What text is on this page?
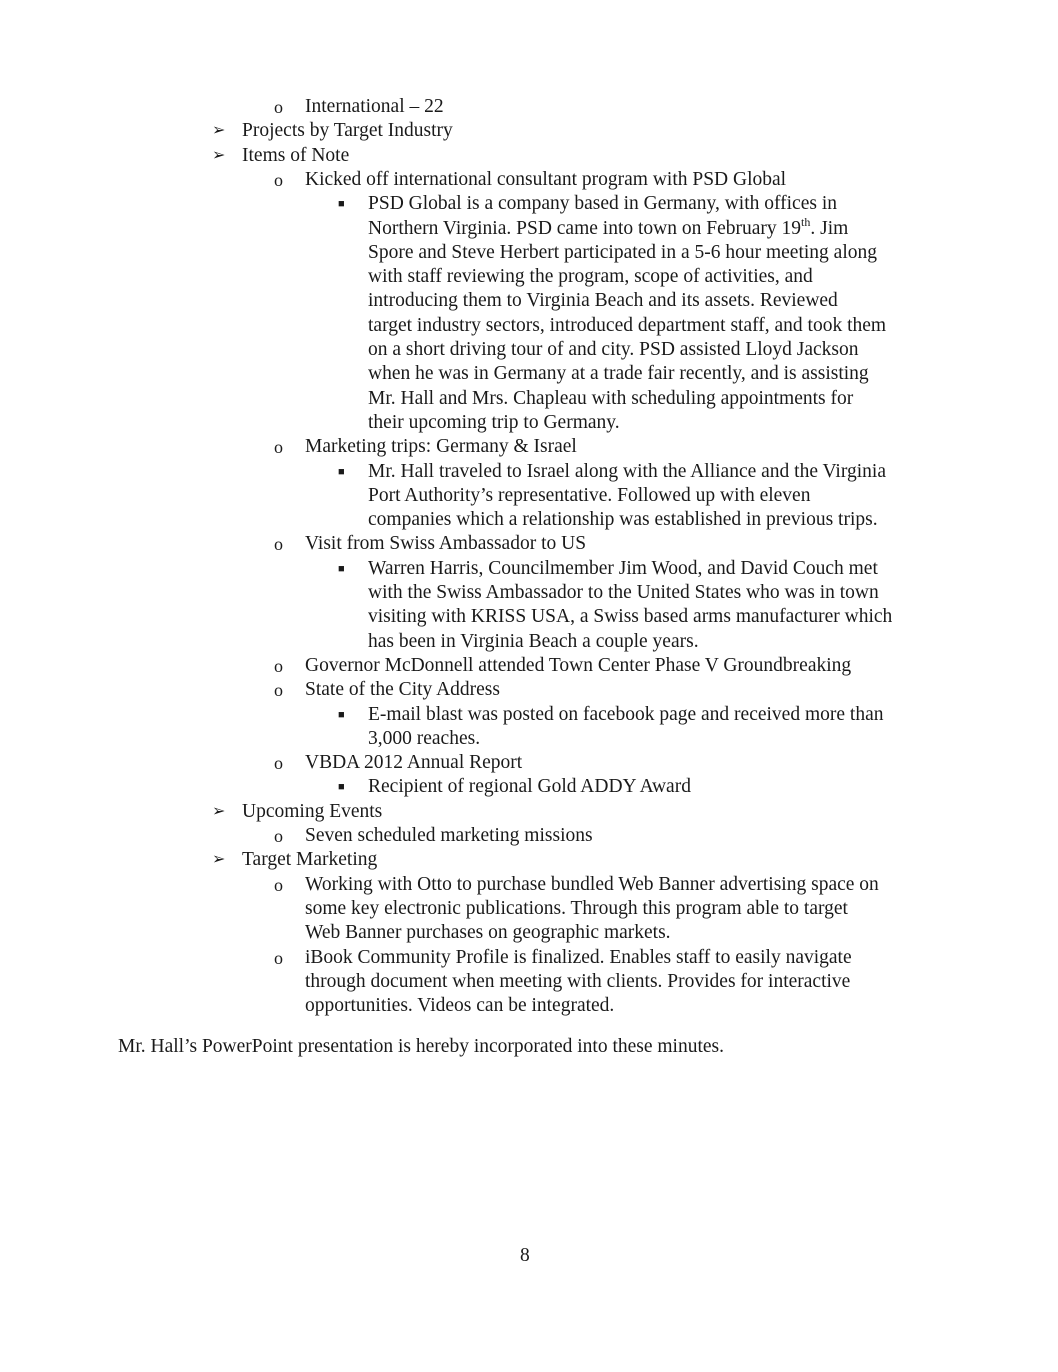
o International – 22
➢ Projects by Target Industry
➢ Items of Note
o Kicked off international consultant program with PSD Global
■ PSD Global is a company based in Germany, with offices in
Northern Virginia. PSD came into town on February 19th. Jim
Spore and Steve Herbert participated in a 5-6 hour meeting along
with staff reviewing the program, scope of activities, and
introducing them to Virginia Beach and its assets. Reviewed
target industry sectors, introduced department staff, and took them
on a short driving tour of and city. PSD assisted Lloyd Jackson
when he was in Germany at a trade fair recently, and is assisting
Mr. Hall and Mrs. Chapleau with scheduling appointments for
their upcoming trip to Germany.
o Marketing trips: Germany & Israel
■ Mr. Hall traveled to Israel along with the Alliance and the Virginia
Port Authority’s representative. Followed up with eleven
companies which a relationship was established in previous trips.
o Visit from Swiss Ambassador to US
■ Warren Harris, Councilmember Jim Wood, and David Couch met
with the Swiss Ambassador to the United States who was in town
visiting with KRISS USA, a Swiss based arms manufacturer which
has been in Virginia Beach a couple years.
o Governor McDonnell attended Town Center Phase V Groundbreaking
o State of the City Address
■ E-mail blast was posted on facebook page and received more than
3,000 reaches.
o VBDA 2012 Annual Report
■ Recipient of regional Gold ADDY Award
➢ Upcoming Events
o Seven scheduled marketing missions
➢ Target Marketing
o Working with Otto to purchase bundled Web Banner advertising space on
some key electronic publications. Through this program able to target
Web Banner purchases on geographic markets.
o iBook Community Profile is finalized. Enables staff to easily navigate
through document when meeting with clients. Provides for interactive
opportunities. Videos can be integrated.
Mr. Hall’s PowerPoint presentation is hereby incorporated into these minutes.
8
